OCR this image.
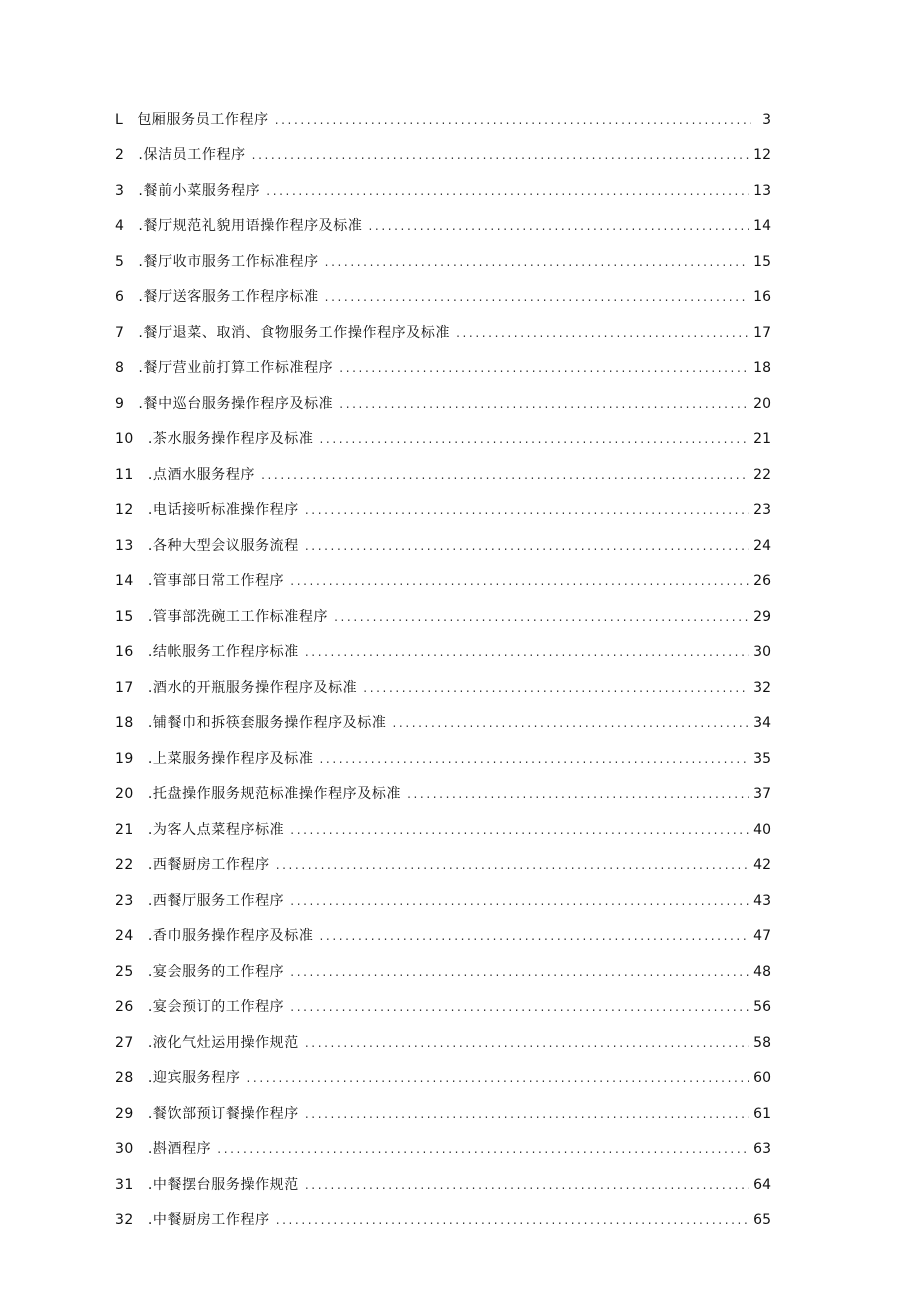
L 包厢服务员工作程序 .....	3
2 .保洁员工作程序 .....	12
3 .餐前小菜服务程序 .....	13
4 .餐厅规范礼貌用语操作程序及标准 .....	14
5 .餐厅收市服务工作标准程序 .....	15
6 .餐厅送客服务工作程序标准 .....	16
7 .餐厅退菜、取消、食物服务工作操作程序及标准 .....	17
8 .餐厅营业前打算工作标准程序 .....	18
9 .餐中巡台服务操作程序及标准 .....	20
10 .茶水服务操作程序及标准 .....	21
11 .点酒水服务程序 .....	22
12 .电话接听标准操作程序 .....	23
13 .各种大型会议服务流程 .....	24
14 .管事部日常工作程序 .....	26
15 .管事部洗碗工工作标准程序 .....	29
16 .结帐服务工作程序标准 .....	30
17 .酒水的开瓶服务操作程序及标准 .....	32
18 .铺餐巾和拆筷套服务操作程序及标准 .....	34
19 .上菜服务操作程序及标准 .....	35
20 .托盘操作服务规范标准操作程序及标准 .....	37
21 .为客人点菜程序标准 .....	40
22 .西餐厨房工作程序 .....	42
23 .西餐厅服务工作程序 .....	43
24 .香巾服务操作程序及标准 .....	47
25 .宴会服务的工作程序 .....	48
26 .宴会预订的工作程序 .....	56
27 .液化气灶运用操作规范 .....	58
28 .迎宾服务程序 .....	60
29 .餐饮部预订餐操作程序 .....	61
30 .斟酒程序 .....	63
31 .中餐摆台服务操作规范 .....	64
32 .中餐厨房工作程序 .....	65
